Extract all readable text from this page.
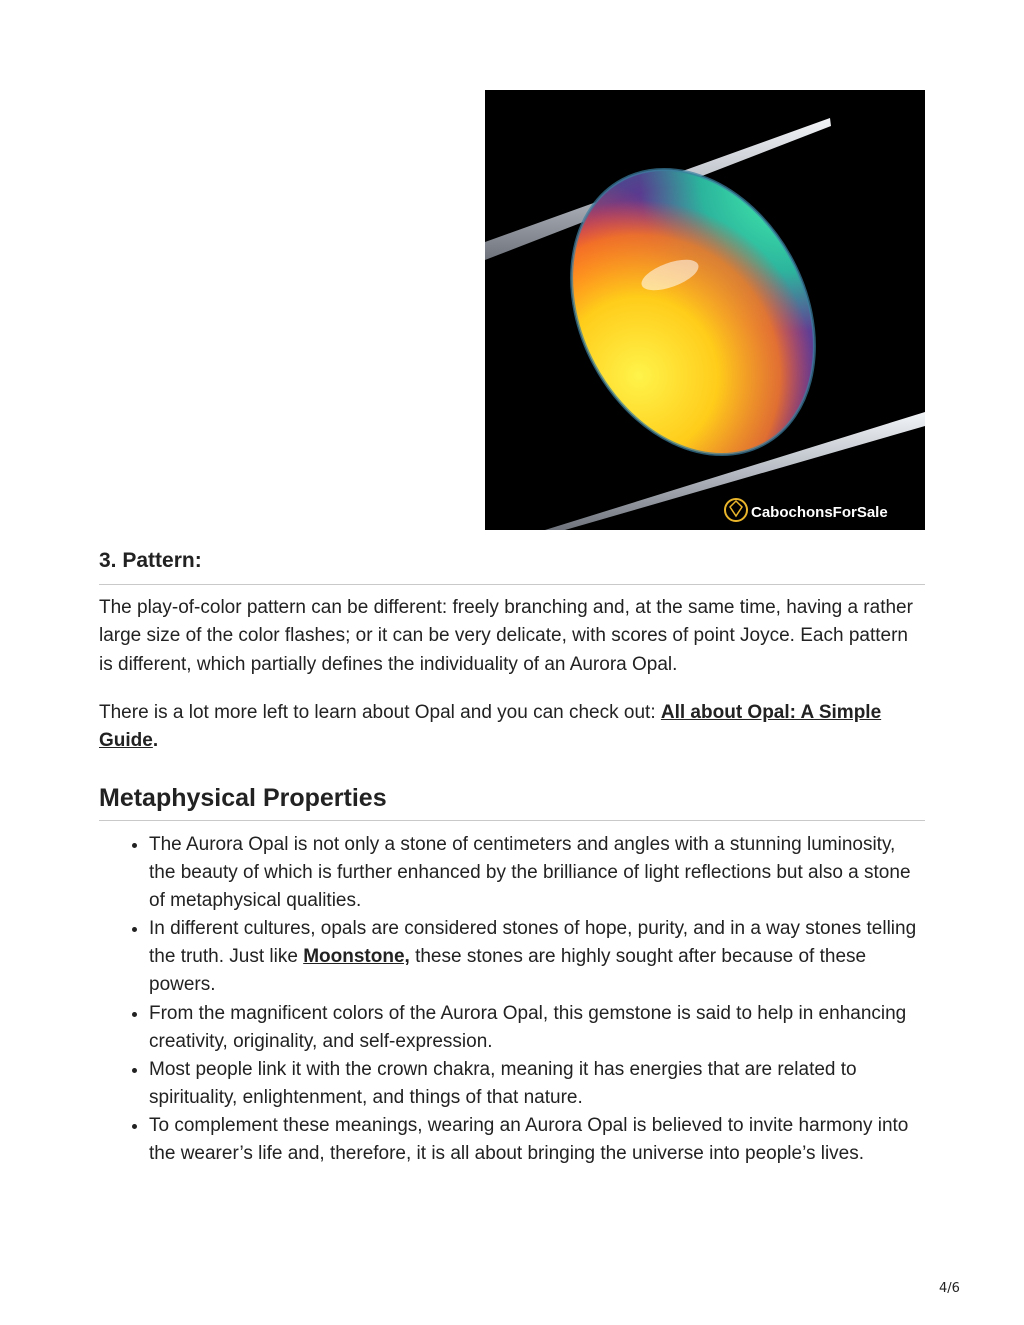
CabochonsForSale
3. Pattern:

The play-of-color pattern can be different: freely branching and, at the same time, having a rather large size of the color flashes; or it can be very delicate, with scores of point Joyce. Each pattern is different, which partially defines the individuality of an Aurora Opal.

There is a lot more left to learn about Opal and you can check out: All about Opal: A Simple Guide.

Metaphysical Properties
• The Aurora Opal is not only a stone of centimeters and angles with a stunning luminosity, the beauty of which is further enhanced by the brilliance of light reflections but also a stone of metaphysical qualities.
• In different cultures, opals are considered stones of hope, purity, and in a way stones telling the truth. Just like Moonstone, these stones are highly sought after because of these powers.
• From the magnificent colors of the Aurora Opal, this gemstone is said to help in enhancing creativity, originality, and self-expression.
• Most people link it with the crown chakra, meaning it has energies that are related to spirituality, enlightenment, and things of that nature.
• To complement these meanings, wearing an Aurora Opal is believed to invite harmony into the wearer’s life and, therefore, it is all about bringing the universe into people’s lives.
4/6
